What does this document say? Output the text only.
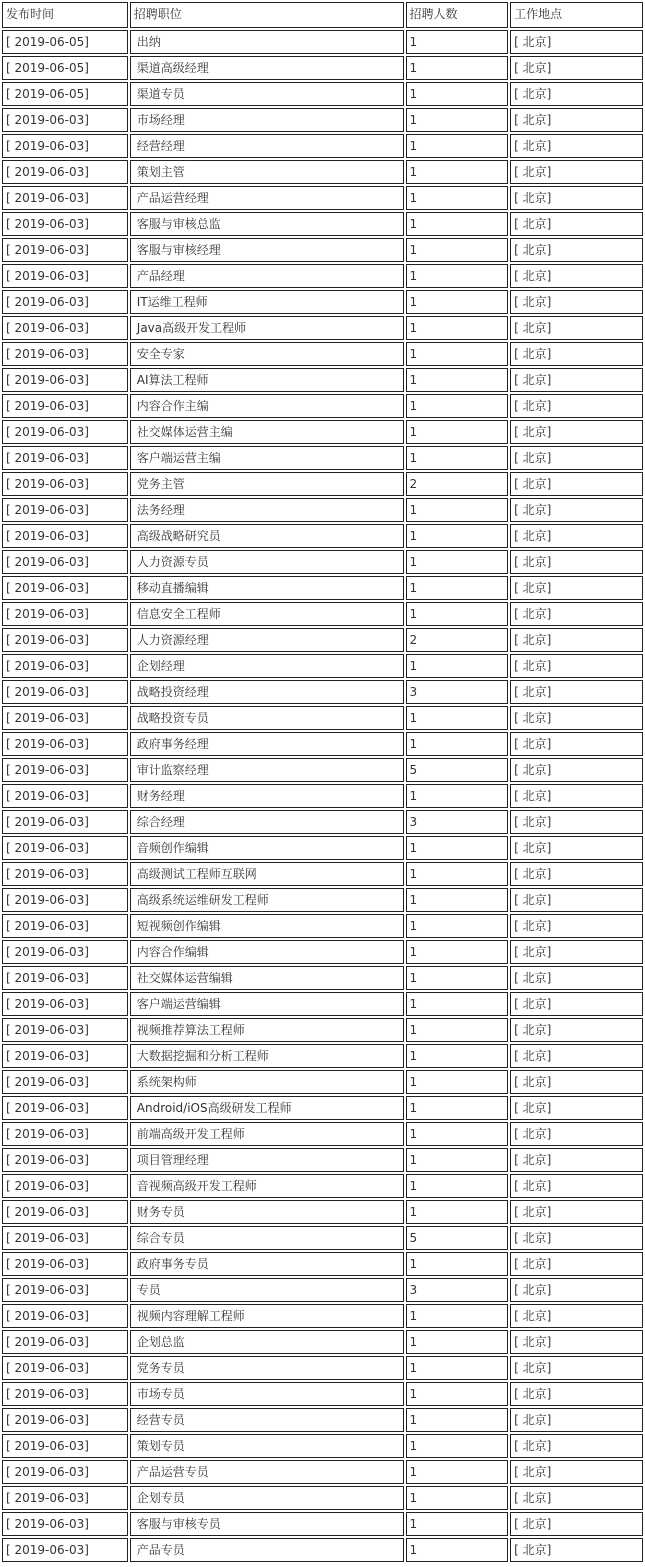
发布时间	招聘职位	招聘人数	工作地点
[ 2019-06-05]	出纳	1	[ 北京]
[ 2019-06-05]	渠道高级经理	1	[ 北京]
[ 2019-06-05]	渠道专员	1	[ 北京]
[ 2019-06-03]	市场经理	1	[ 北京]
[ 2019-06-03]	经营经理	1	[ 北京]
[ 2019-06-03]	策划主管	1	[ 北京]
[ 2019-06-03]	产品运营经理	1	[ 北京]
[ 2019-06-03]	客服与审核总监	1	[ 北京]
[ 2019-06-03]	客服与审核经理	1	[ 北京]
[ 2019-06-03]	产品经理	1	[ 北京]
[ 2019-06-03]	IT运维工程师	1	[ 北京]
[ 2019-06-03]	Java高级开发工程师	1	[ 北京]
[ 2019-06-03]	安全专家	1	[ 北京]
[ 2019-06-03]	AI算法工程师	1	[ 北京]
[ 2019-06-03]	内容合作主编	1	[ 北京]
[ 2019-06-03]	社交媒体运营主编	1	[ 北京]
[ 2019-06-03]	客户端运营主编	1	[ 北京]
[ 2019-06-03]	党务主管	2	[ 北京]
[ 2019-06-03]	法务经理	1	[ 北京]
[ 2019-06-03]	高级战略研究员	1	[ 北京]
[ 2019-06-03]	人力资源专员	1	[ 北京]
[ 2019-06-03]	移动直播编辑	1	[ 北京]
[ 2019-06-03]	信息安全工程师	1	[ 北京]
[ 2019-06-03]	人力资源经理	2	[ 北京]
[ 2019-06-03]	企划经理	1	[ 北京]
[ 2019-06-03]	战略投资经理	3	[ 北京]
[ 2019-06-03]	战略投资专员	1	[ 北京]
[ 2019-06-03]	政府事务经理	1	[ 北京]
[ 2019-06-03]	审计监察经理	5	[ 北京]
[ 2019-06-03]	财务经理	1	[ 北京]
[ 2019-06-03]	综合经理	3	[ 北京]
[ 2019-06-03]	音频创作编辑	1	[ 北京]
[ 2019-06-03]	高级测试工程师互联网	1	[ 北京]
[ 2019-06-03]	高级系统运维研发工程师	1	[ 北京]
[ 2019-06-03]	短视频创作编辑	1	[ 北京]
[ 2019-06-03]	内容合作编辑	1	[ 北京]
[ 2019-06-03]	社交媒体运营编辑	1	[ 北京]
[ 2019-06-03]	客户端运营编辑	1	[ 北京]
[ 2019-06-03]	视频推荐算法工程师	1	[ 北京]
[ 2019-06-03]	大数据挖掘和分析工程师	1	[ 北京]
[ 2019-06-03]	系统架构师	1	[ 北京]
[ 2019-06-03]	Android/iOS高级研发工程师	1	[ 北京]
[ 2019-06-03]	前端高级开发工程师	1	[ 北京]
[ 2019-06-03]	项目管理经理	1	[ 北京]
[ 2019-06-03]	音视频高级开发工程师	1	[ 北京]
[ 2019-06-03]	财务专员	1	[ 北京]
[ 2019-06-03]	综合专员	5	[ 北京]
[ 2019-06-03]	政府事务专员	1	[ 北京]
[ 2019-06-03]	专员	3	[ 北京]
[ 2019-06-03]	视频内容理解工程师	1	[ 北京]
[ 2019-06-03]	企划总监	1	[ 北京]
[ 2019-06-03]	党务专员	1	[ 北京]
[ 2019-06-03]	市场专员	1	[ 北京]
[ 2019-06-03]	经营专员	1	[ 北京]
[ 2019-06-03]	策划专员	1	[ 北京]
[ 2019-06-03]	产品运营专员	1	[ 北京]
[ 2019-06-03]	企划专员	1	[ 北京]
[ 2019-06-03]	客服与审核专员	1	[ 北京]
[ 2019-06-03]	产品专员	1	[ 北京]
